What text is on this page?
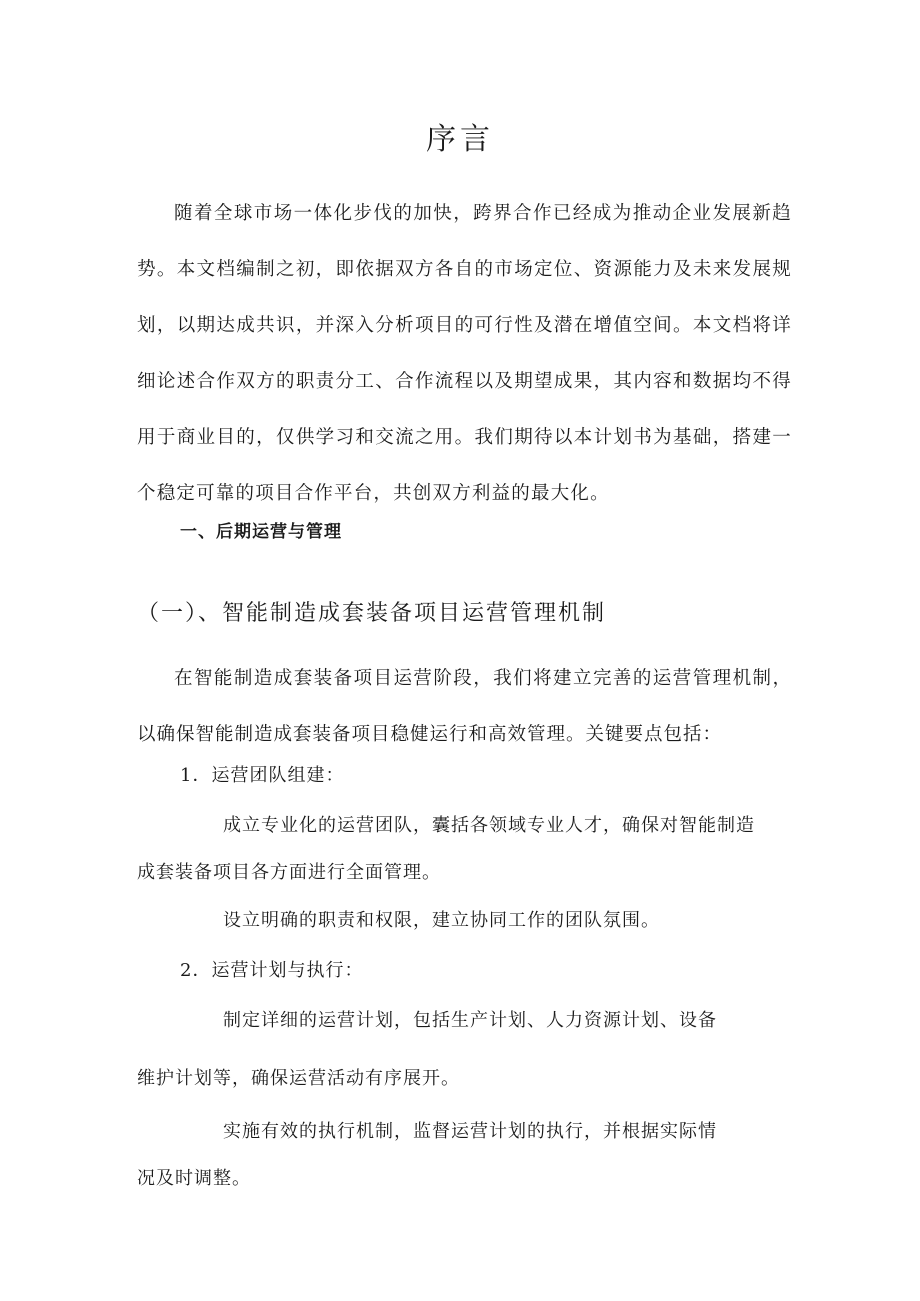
序言

随着全球市场一体化步伐的加快，跨界合作已经成为推动企业发展新趋势。本文档编制之初，即依据双方各自的市场定位、资源能力及未来发展规划，以期达成共识，并深入分析项目的可行性及潜在增值空间。本文档将详细论述合作双方的职责分工、合作流程以及期望成果，其内容和数据均不得用于商业目的，仅供学习和交流之用。我们期待以本计划书为基础，搭建一个稳定可靠的项目合作平台，共创双方利益的最大化。

一、后期运营与管理
（一）、智能制造成套装备项目运营管理机制

在智能制造成套装备项目运营阶段，我们将建立完善的运营管理机制，以确保智能制造成套装备项目稳健运行和高效管理。关键要点包括：

1．运营团队组建：
成立专业化的运营团队，囊括各领域专业人才，确保对智能制造
成套装备项目各方面进行全面管理。
设立明确的职责和权限，建立协同工作的团队氛围。
2．运营计划与执行：
制定详细的运营计划，包括生产计划、人力资源计划、设备
维护计划等，确保运营活动有序展开。
实施有效的执行机制，监督运营计划的执行，并根据实际情
况及时调整。
